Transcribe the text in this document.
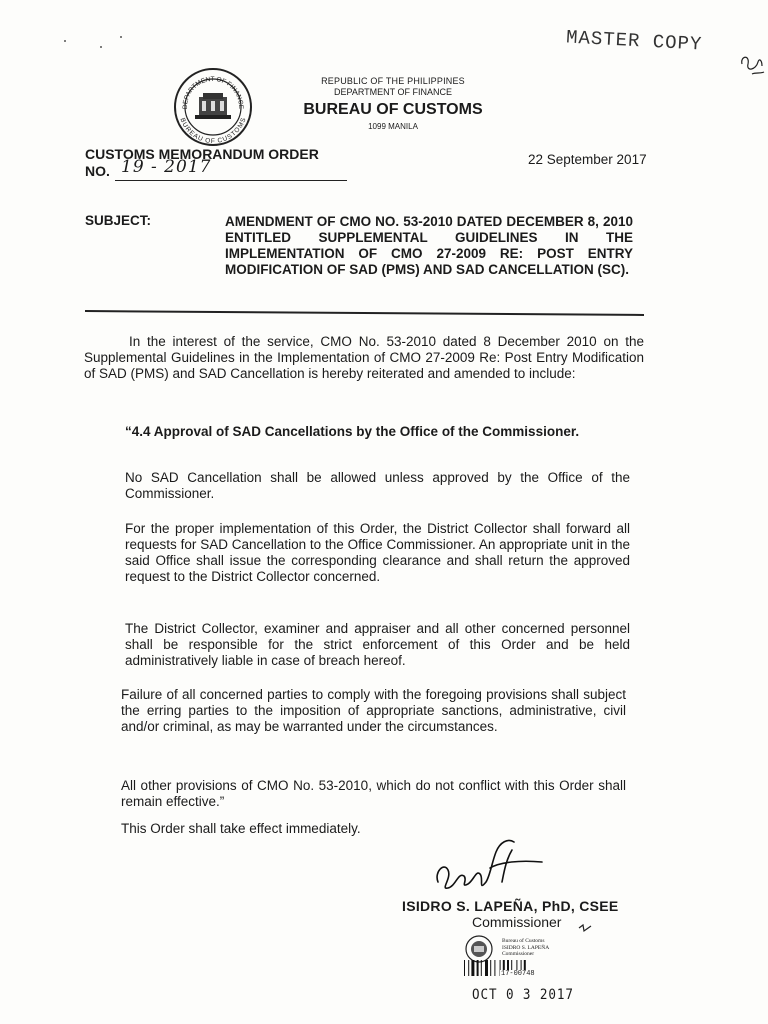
MASTER COPY
DEPARTMENT OF FINANCE
BUREAU OF CUSTOMS
REPUBLIC OF THE PHILIPPINES
DEPARTMENT OF FINANCE
BUREAU OF CUSTOMS
1099 MANILA
CUSTOMS MEMORANDUM ORDER
NO. 19 - 2017	22 September 2017
SUBJECT:	AMENDMENT OF CMO NO. 53-2010 DATED DECEMBER 8, 2010 ENTITLED SUPPLEMENTAL GUIDELINES IN THE IMPLEMENTATION OF CMO 27-2009 RE: POST ENTRY MODIFICATION OF SAD (PMS) AND SAD CANCELLATION (SC).
In the interest of the service, CMO No. 53-2010 dated 8 December 2010 on the Supplemental Guidelines in the Implementation of CMO 27-2009 Re: Post Entry Modification of SAD (PMS) and SAD Cancellation is hereby reiterated and amended to include:
“4.4 Approval of SAD Cancellations by the Office of the Commissioner.
No SAD Cancellation shall be allowed unless approved by the Office of the Commissioner.
For the proper implementation of this Order, the District Collector shall forward all requests for SAD Cancellation to the Office Commissioner. An appropriate unit in the said Office shall issue the corresponding clearance and shall return the approved request to the District Collector concerned.
The District Collector, examiner and appraiser and all other concerned personnel shall be responsible for the strict enforcement of this Order and be held administratively liable in case of breach hereof.
Failure of all concerned parties to comply with the foregoing provisions shall subject the erring parties to the imposition of appropriate sanctions, administrative, civil and/or criminal, as may be warranted under the circumstances.
All other provisions of CMO No. 53-2010, which do not conflict with this Order shall remain effective.”
This Order shall take effect immediately.
ISIDRO S. LAPEÑA, PhD, CSEE
Commissioner
Bureau of Customs
ISIDRO S. LAPEÑA
Commissioner
17-00748
OCT 0 3 2017
